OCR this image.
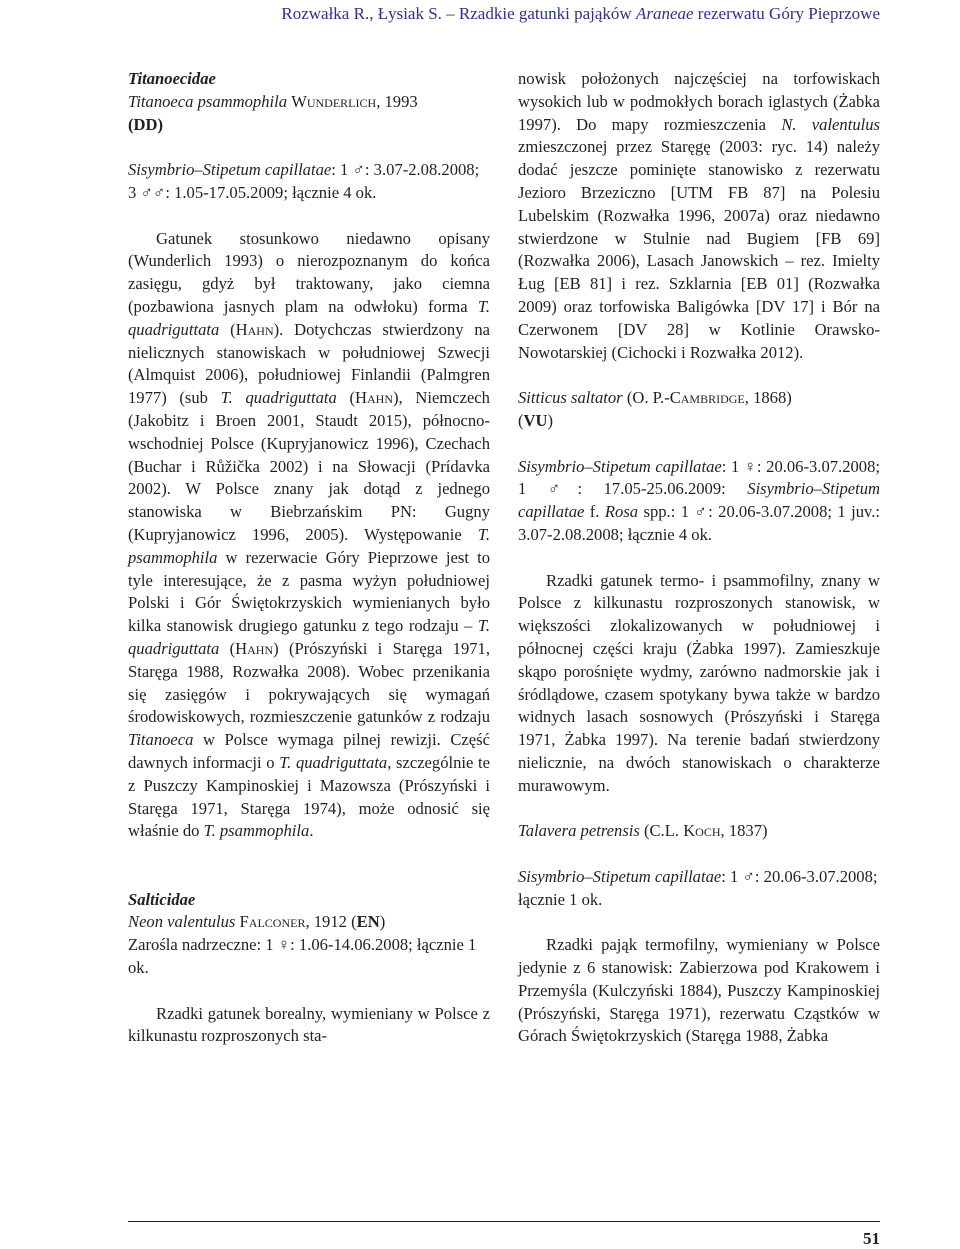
Rozwałka R., Łysiak S. – Rzadkie gatunki pająków Araneae rezerwatu Góry Pieprzowe

Titanoecidae

Titanoeca psammophila Wunderlich, 1993
(DD)

Sisymbrio–Stipetum capillatae: 1 ♂: 3.07-2.08.2008; 3 ♂♂: 1.05-17.05.2009; łącznie 4 ok.

Gatunek stosunkowo niedawno opisany (Wunderlich 1993) o nierozpoznanym do końca zasięgu, gdyż był traktowany, jako ciemna (pozbawiona jasnych plam na odwłoku) forma T. quadriguttata (Hahn). Dotychczas stwierdzony na nielicznych stanowiskach w południowej Szwecji (Almquist 2006), południowej Finlandii (Palmgren 1977) (sub T. quadriguttata (Hahn), Niemczech (Jakobitz i Broen 2001, Staudt 2015), północno-wschodniej Polsce (Kupryjanowicz 1996), Czechach (Buchar i Růžička 2002) i na Słowacji (Prídavka 2002). W Polsce znany jak dotąd z jednego stanowiska w Biebrzańskim PN: Gugny (Kupryjanowicz 1996, 2005). Występowanie T. psammophila w rezerwacie Góry Pieprzowe jest to tyle interesujące, że z pasma wyżyn południowej Polski i Gór Świętokrzyskich wymienianych było kilka stanowisk drugiego gatunku z tego rodzaju – T. quadriguttata (Hahn) (Prószyński i Staręga 1971, Staręga 1988, Rozwałka 2008). Wobec przenikania się zasięgów i pokrywających się wymagań środowiskowych, rozmieszczenie gatunków z rodzaju Titanoeca w Polsce wymaga pilnej rewizji. Część dawnych informacji o T. quadriguttata, szczególnie te z Puszczy Kampinoskiej i Mazowsza (Prószyński i Staręga 1971, Staręga 1974), może odnosić się właśnie do T. psammophila.

Salticidae

Neon valentulus Falconer, 1912 (EN)

Zarośla nadrzeczne: 1 ♀: 1.06-14.06.2008; łącznie 1 ok.

Rzadki gatunek borealny, wymieniany w Polsce z kilkunastu rozproszonych sta-

nowisk położonych najczęściej na torfowiskach wysokich lub w podmokłych borach iglastych (Żabka 1997). Do mapy rozmieszczenia N. valentulus zmieszczonej przez Staręgę (2003: ryc. 14) należy dodać jeszcze pominięte stanowisko z rezerwatu Jezioro Brzeziczno [UTM FB 87] na Polesiu Lubelskim (Rozwałka 1996, 2007a) oraz niedawno stwierdzone w Stulnie nad Bugiem [FB 69] (Rozwałka 2006), Lasach Janowskich – rez. Imielty Ług [EB 81] i rez. Szklarnia [EB 01] (Rozwałka 2009) oraz torfowiska Baligówka [DV 17] i Bór na Czerwonem [DV 28] w Kotlinie Orawsko-Nowotarskiej (Cichocki i Rozwałka 2012).

Sitticus saltator (O. P.-Cambridge, 1868)
(VU)

Sisymbrio–Stipetum capillatae: 1 ♀: 20.06-3.07.2008; 1 ♂: 17.05-25.06.2009: Sisymbrio–Stipetum capillatae f. Rosa spp.: 1 ♂: 20.06-3.07.2008; 1 juv.: 3.07-2.08.2008; łącznie 4 ok.

Rzadki gatunek termo- i psammofilny, znany w Polsce z kilkunastu rozproszonych stanowisk, w większości zlokalizowanych w południowej i północnej części kraju (Żabka 1997). Zamieszkuje skąpo porośnięte wydmy, zarówno nadmorskie jak i śródlądowe, czasem spotykany bywa także w bardzo widnych lasach sosnowych (Prószyński i Staręga 1971, Żabka 1997). Na terenie badań stwierdzony nielicznie, na dwóch stanowiskach o charakterze murawowym.

Talavera petrensis (C.L. Koch, 1837)

Sisymbrio–Stipetum capillatae: 1 ♂: 20.06-3.07.2008; łącznie 1 ok.

Rzadki pająk termofilny, wymieniany w Polsce jedynie z 6 stanowisk: Zabierzowa pod Krakowem i Przemyśla (Kulczyński 1884), Puszczy Kampinoskiej (Prószyński, Staręga 1971), rezerwatu Cząstków w Górach Świętokrzyskich (Staręga 1988, Żabka

51
